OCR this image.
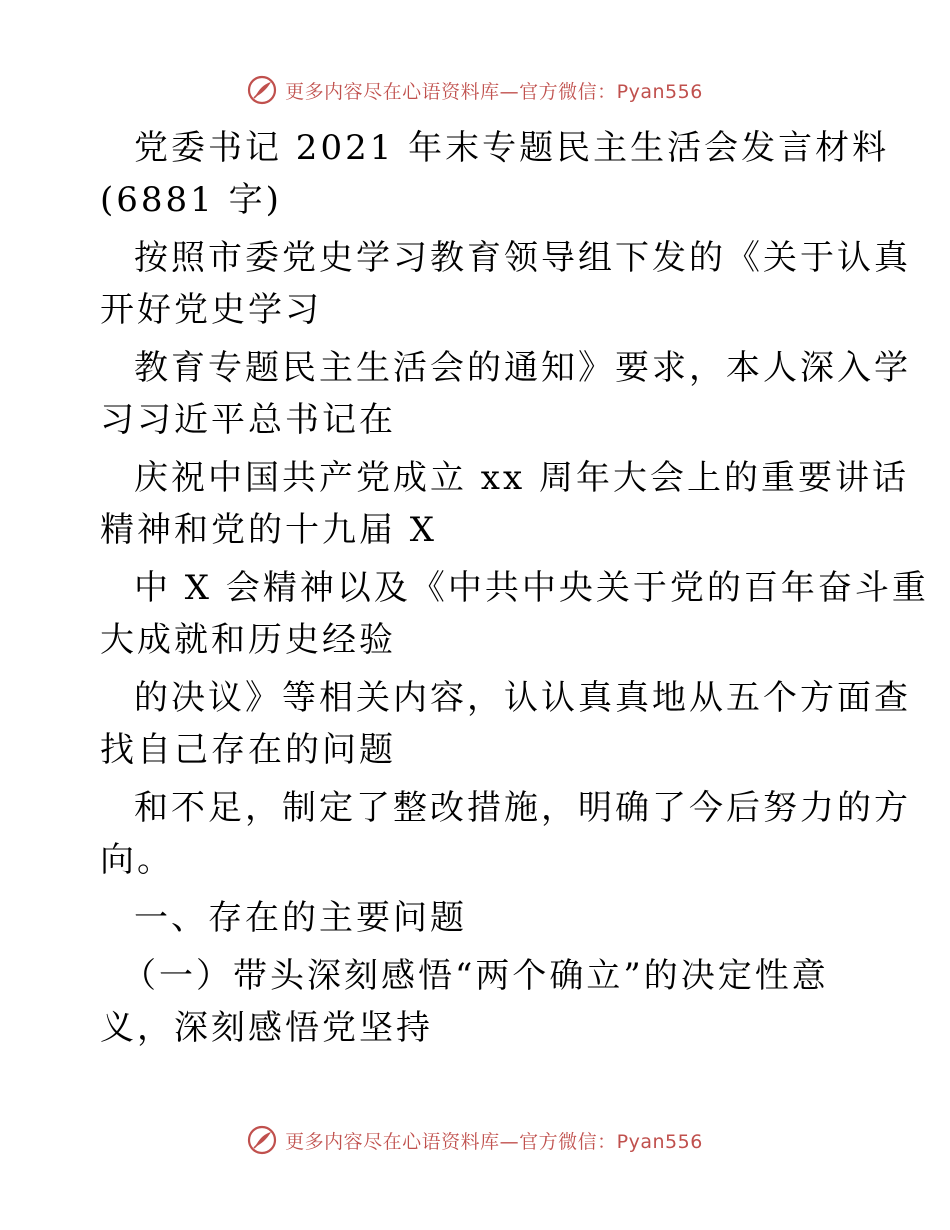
更多内容尽在心语资料库—官方微信：Pyan556
党委书记 2021 年末专题民主生活会发言材料
(6881 字)
按照市委党史学习教育领导组下发的《关于认真
开好党史学习
教育专题民主生活会的通知》要求，本人深入学
习习近平总书记在
庆祝中国共产党成立 xx 周年大会上的重要讲话
精神和党的十九届 X
中 X 会精神以及《中共中央关于党的百年奋斗重
大成就和历史经验
的决议》等相关内容，认认真真地从五个方面查
找自己存在的问题
和不足，制定了整改措施，明确了今后努力的方
向。
一、存在的主要问题
（一）带头深刻感悟“两个确立”的决定性意
义，深刻感悟党坚持
更多内容尽在心语资料库—官方微信：Pyan556
